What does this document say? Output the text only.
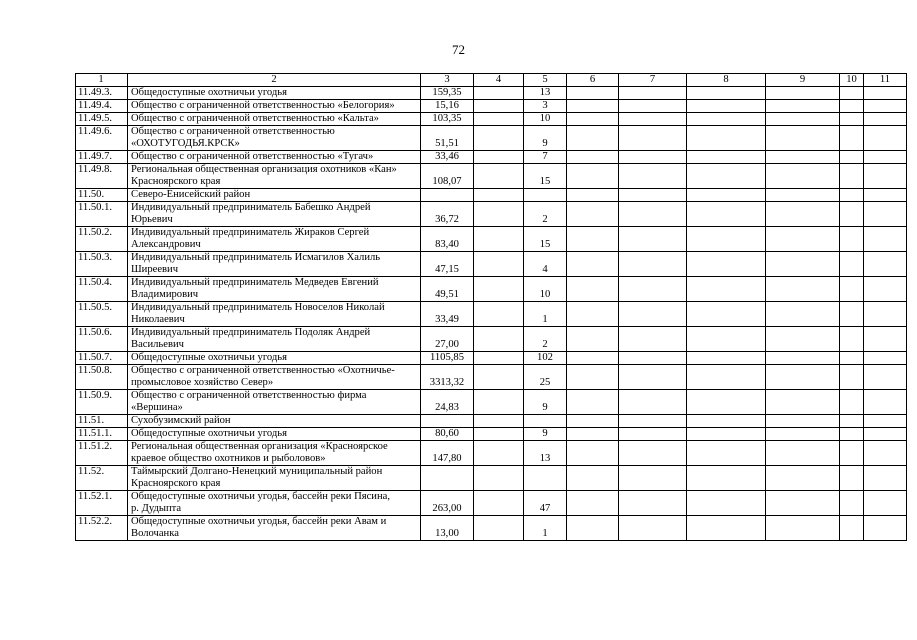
72
1	2	3	4	5	6	7	8	9	10	11
11.49.3.	Общедоступные охотничьи угодья	159,35		13						
11.49.4.	Общество с ограниченной ответственностью «Белогория»	15,16		3						
11.49.5.	Общество с ограниченной ответственностью «Кальта»	103,35		10						
11.49.6.	Общество с ограниченной ответственностью
«ОХОТУГОДЬЯ.КРСК»	51,51		9						
11.49.7.	Общество с ограниченной ответственностью «Тугач»	33,46		7						
11.49.8.	Региональная общественная организация охотников «Кан»
Красноярского края	108,07		15						
11.50.	Северо-Енисейский район									
11.50.1.	Индивидуальный предприниматель Бабешко Андрей
Юрьевич	36,72		2						
11.50.2.	Индивидуальный предприниматель Жираков Сергей
Александрович	83,40		15						
11.50.3.	Индивидуальный предприниматель Исмагилов Халиль
Ширеевич	47,15		4						
11.50.4.	Индивидуальный предприниматель Медведев Евгений
Владимирович	49,51		10						
11.50.5.	Индивидуальный предприниматель Новоселов Николай
Николаевич	33,49		1						
11.50.6.	Индивидуальный предприниматель Подоляк Андрей
Васильевич	27,00		2						
11.50.7.	Общедоступные охотничьи угодья	1105,85		102						
11.50.8.	Общество с ограниченной ответственностью «Охотничье-
промысловое хозяйство Север»	3313,32		25						
11.50.9.	Общество с ограниченной ответственностью фирма
«Вершина»	24,83		9						
11.51.	Сухобузимский район									
11.51.1.	Общедоступные охотничьи угодья	80,60		9						
11.51.2.	Региональная общественная организация «Красноярское
краевое общество охотников и рыболовов»	147,80		13						
11.52.	Таймырский Долгано-Ненецкий муниципальный район
Красноярского края									
11.52.1.	Общедоступные охотничьи угодья, бассейн реки Пясина,
р. Дудыпта	263,00		47						
11.52.2.	Общедоступные охотничьи угодья, бассейн реки Авам и
Волочанка	13,00		1						
